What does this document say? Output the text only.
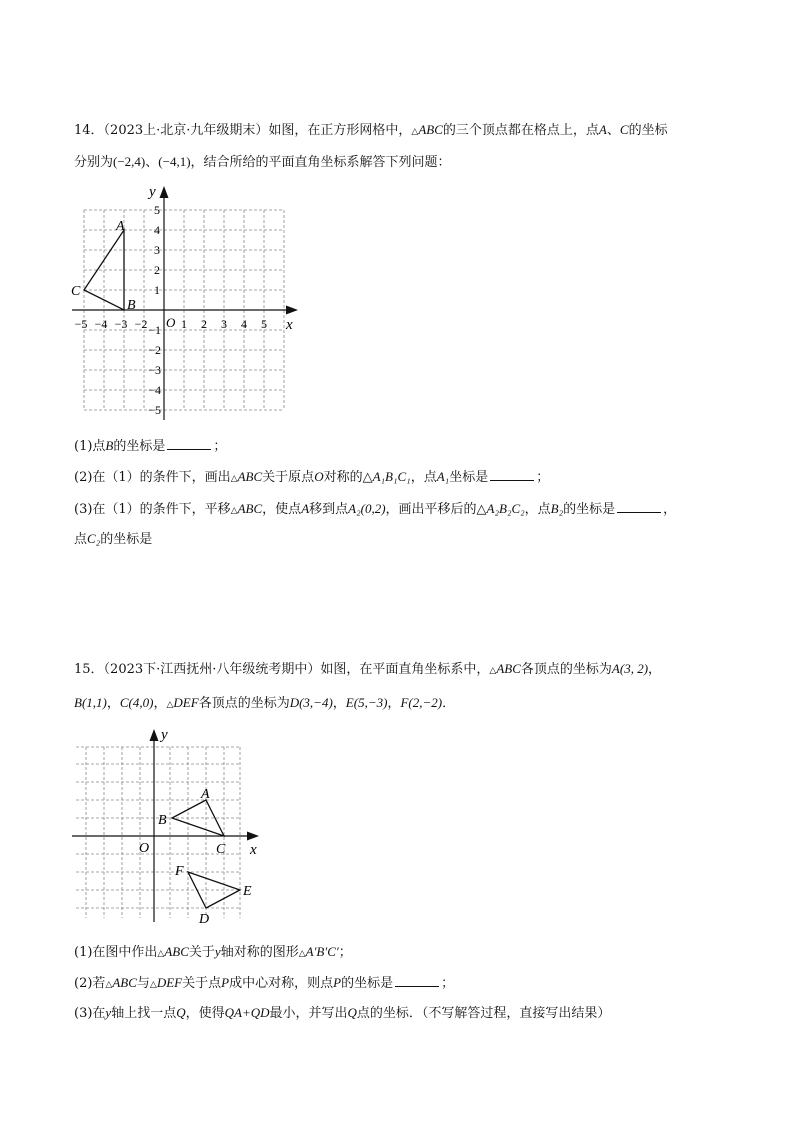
14．（2023上·北京·九年级期末）如图，在正方形网格中，△ABC的三个顶点都在格点上，点A、C的坐标
分别为(−2,4)、(−4,1)，结合所给的平面直角坐标系解答下列问题：
x
y
O
−5 −4 −3 −2	1 2 3 4 5
5
4
3
2
1
−1
−2
−3
−4
−5
A
B
C
(1)点B的坐标是	；
(2)在（1）的条件下，画出△ABC关于原点O对称的△A₁B₁C₁，点A₁坐标是	；
(3)在（1）的条件下，平移△ABC，使点A移到点A₂(0,2)，画出平移后的△A₂B₂C₂，点B₂的坐标是	，
点C₂的坐标是
15．（2023下·江西抚州·八年级统考期中）如图，在平面直角坐标系中，△ABC各顶点的坐标为A(3, 2)，
B(1,1)，C(4,0)，△DEF各顶点的坐标为D(3,−4)，E(5,−3)，F(2,−2)．
x
y
O
A
B
C
D
E
F
(1)在图中作出△ABC关于y轴对称的图形△A′B′C′；
(2)若△ABC与△DEF关于点P成中心对称，则点P的坐标是	；
(3)在y轴上找一点Q，使得QA+QD最小，并写出Q点的坐标．（不写解答过程，直接写出结果）
